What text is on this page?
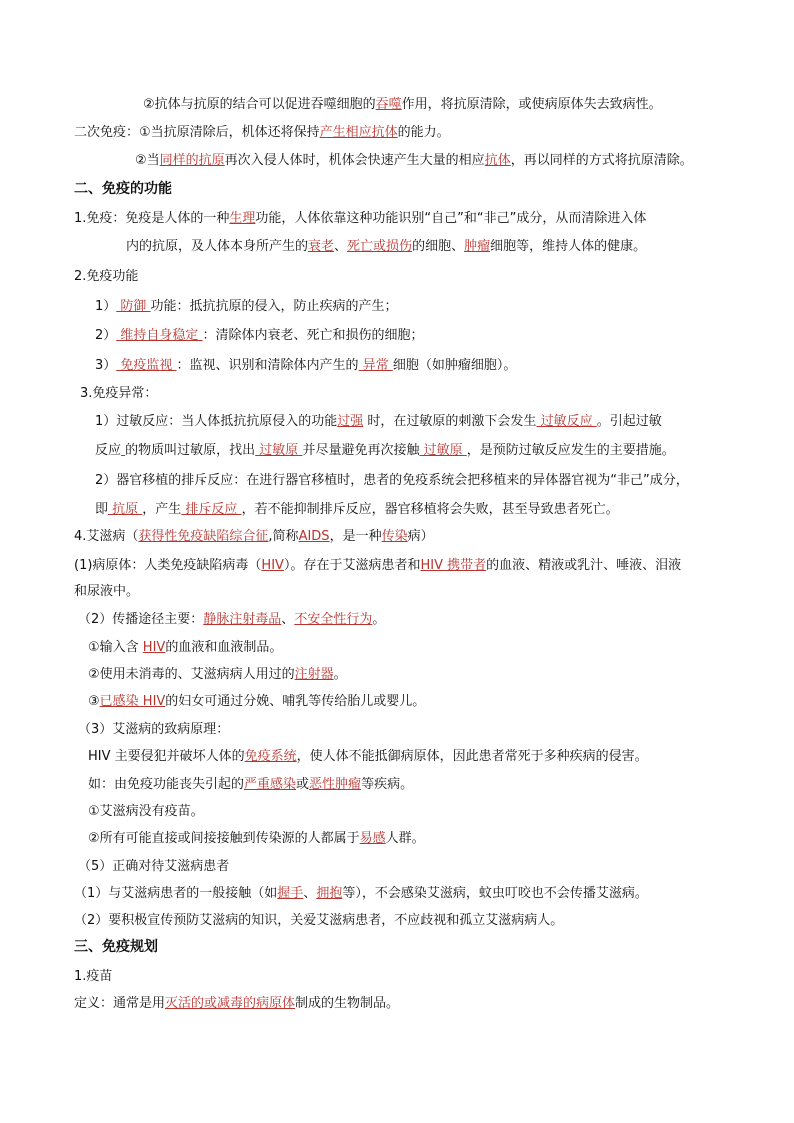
②抗体与抗原的结合可以促进吞噬细胞的吞噬作用，将抗原清除，或使病原体失去致病性。
二次免疫：①当抗原清除后，机体还将保持产生相应抗体的能力。
②当同样的抗原再次入侵人体时，机体会快速产生大量的相应抗体，再以同样的方式将抗原清除。
二、免疫的功能
1.免疫：免疫是人体的一种生理功能，人体依靠这种功能识别“自己”和“非己”成分，从而清除进入体
内的抗原，及人体本身所产生的衰老、死亡或损伤的细胞、肿瘤细胞等，维持人体的健康。
2.免疫功能
1） 防御 功能：抵抗抗原的侵入，防止疾病的产生；
2） 维持自身稳定 ：清除体内衰老、死亡和损伤的细胞；
3） 免疫监视 ：监视、识别和清除体内产生的 异常 细胞（如肿瘤细胞）。
3.免疫异常：
1）过敏反应：当人体抵抗抗原侵入的功能过强 时，在过敏原的刺激下会发生 过敏反应 。引起过敏
反应 的物质叫过敏原，找出 过敏原 并尽量避免再次接触 过敏原 ，是预防过敏反应发生的主要措施。
2）器官移植的排斥反应：在进行器官移植时，患者的免疫系统会把移植来的异体器官视为“非己”成分，
即 抗原 ，产生 排斥反应 ，若不能抑制排斥反应，器官移植将会失败，甚至导致患者死亡。
4.艾滋病（获得性免疫缺陷综合征,简称AIDS，是一种传染病）
(1)病原体：人类免疫缺陷病毒（HIV）。存在于艾滋病患者和HIV 携带者的血液、精液或乳汁、唾液、泪液
和尿液中。
（2）传播途径主要：静脉注射毒品、不安全性行为。
①输入含 HIV的血液和血液制品。
②使用未消毒的、艾滋病病人用过的注射器。
③已感染 HIV的妇女可通过分娩、哺乳等传给胎儿或婴儿。
（3）艾滋病的致病原理：
HIV 主要侵犯并破坏人体的免疫系统，使人体不能抵御病原体，因此患者常死于多种疾病的侵害。
如：由免疫功能丧失引起的严重感染或恶性肿瘤等疾病。
①艾滋病没有疫苗。
②所有可能直接或间接接触到传染源的人都属于易感人群。
（5）正确对待艾滋病患者
（1）与艾滋病患者的一般接触（如握手、拥抱等），不会感染艾滋病，蚊虫叮咬也不会传播艾滋病。
（2）要积极宣传预防艾滋病的知识，关爱艾滋病患者，不应歧视和孤立艾滋病病人。
三、免疫规划
1.疫苗
定义：通常是用灭活的或减毒的病原体制成的生物制品。
